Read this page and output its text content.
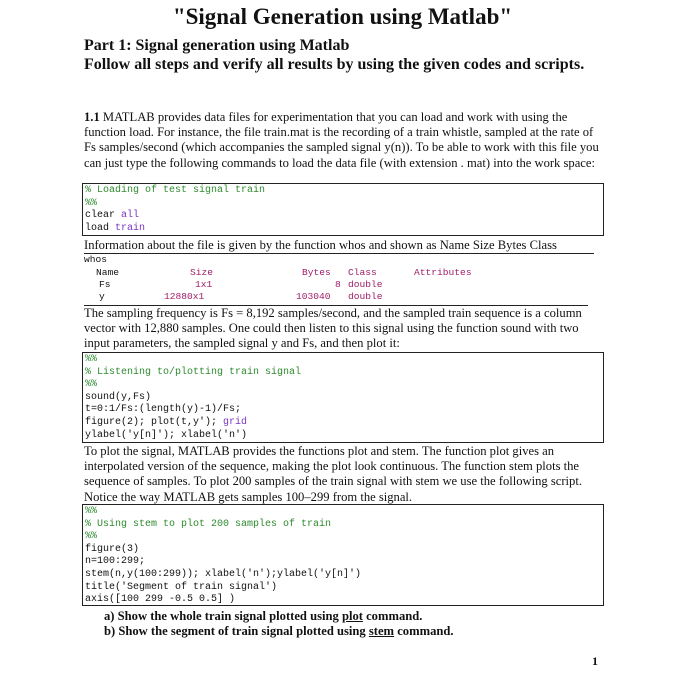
"Signal Generation using Matlab"

Part 1: Signal generation using Matlab

Follow all steps and verify all results by using the given codes and scripts.

1.1 MATLAB provides data files for experimentation that you can load and work with using the function load. For instance, the file train.mat is the recording of a train whistle, sampled at the rate of Fs samples/second (which accompanies the sampled signal y(n)). To be able to work with this file you can just type the following commands to load the data file (with extension . mat) into the work space:

% Loading of test signal train
%%
clear all
load train

Information about the file is given by the function whos and shown as Name Size Bytes Class

whos
Name	Size	Bytes Class	Attributes
Fs	1x1	8 double
y	12880x1	103040 double

The sampling frequency is Fs = 8,192 samples/second, and the sampled train sequence is a column vector with 12,880 samples. One could then listen to this signal using the function sound with two input parameters, the sampled signal y and Fs, and then plot it:

%%
% Listening to/plotting train signal
%%
sound(y,Fs)
t=0:1/Fs:(length(y)-1)/Fs;
figure(2); plot(t,y'); grid
ylabel('y[n]'); xlabel('n')

To plot the signal, MATLAB provides the functions plot and stem. The function plot gives an interpolated version of the sequence, making the plot look continuous. The function stem plots the sequence of samples. To plot 200 samples of the train signal with stem we use the following script. Notice the way MATLAB gets samples 100–299 from the signal.

%%
% Using stem to plot 200 samples of train
%%
figure(3)
n=100:299;
stem(n,y(100:299)); xlabel('n');ylabel('y[n]')
title('Segment of train signal')
axis([100 299 -0.5 0.5] )

a) Show the whole train signal plotted using plot command.

b) Show the segment of train signal plotted using stem command.

1
